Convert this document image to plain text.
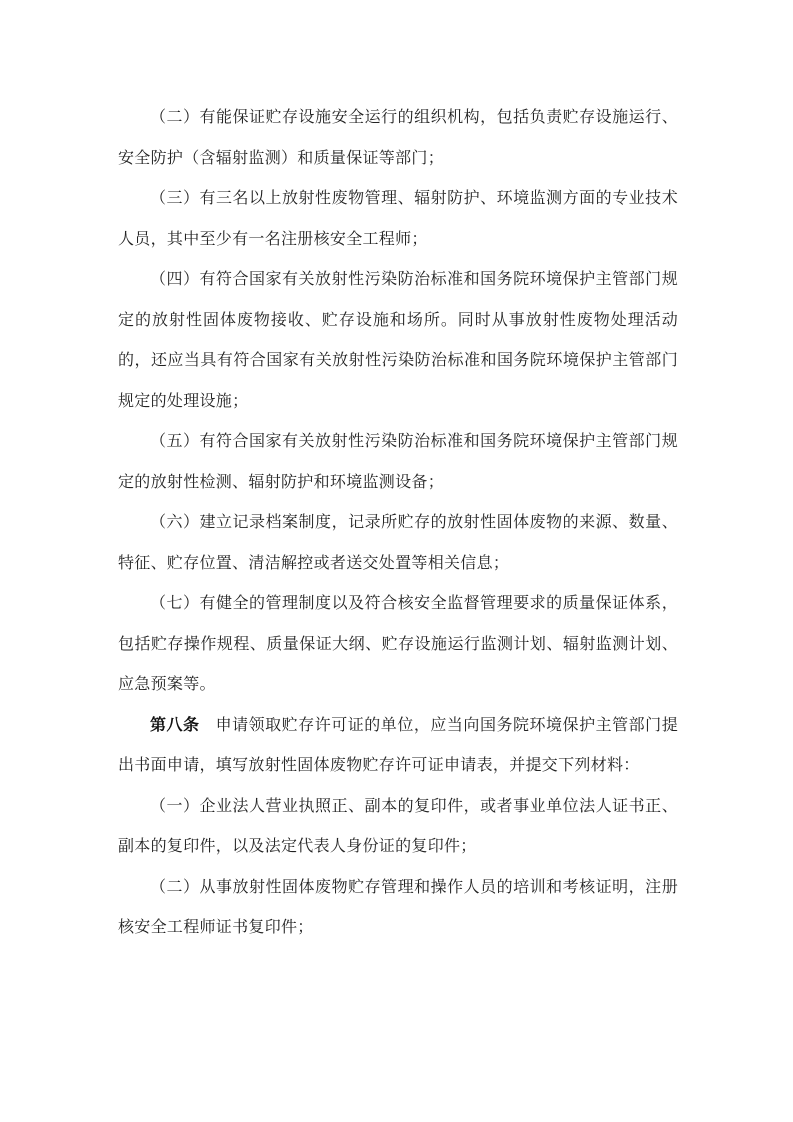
（二）有能保证贮存设施安全运行的组织机构，包括负责贮存设施运行、安全防护（含辐射监测）和质量保证等部门；

（三）有三名以上放射性废物管理、辐射防护、环境监测方面的专业技术人员，其中至少有一名注册核安全工程师；

（四）有符合国家有关放射性污染防治标准和国务院环境保护主管部门规定的放射性固体废物接收、贮存设施和场所。同时从事放射性废物处理活动的，还应当具有符合国家有关放射性污染防治标准和国务院环境保护主管部门规定的处理设施；

（五）有符合国家有关放射性污染防治标准和国务院环境保护主管部门规定的放射性检测、辐射防护和环境监测设备；

（六）建立记录档案制度，记录所贮存的放射性固体废物的来源、数量、特征、贮存位置、清洁解控或者送交处置等相关信息；

（七）有健全的管理制度以及符合核安全监督管理要求的质量保证体系，包括贮存操作规程、质量保证大纲、贮存设施运行监测计划、辐射监测计划、应急预案等。

第八条 申请领取贮存许可证的单位，应当向国务院环境保护主管部门提出书面申请，填写放射性固体废物贮存许可证申请表，并提交下列材料：

（一）企业法人营业执照正、副本的复印件，或者事业单位法人证书正、副本的复印件，以及法定代表人身份证的复印件；

（二）从事放射性固体废物贮存管理和操作人员的培训和考核证明，注册核安全工程师证书复印件；
